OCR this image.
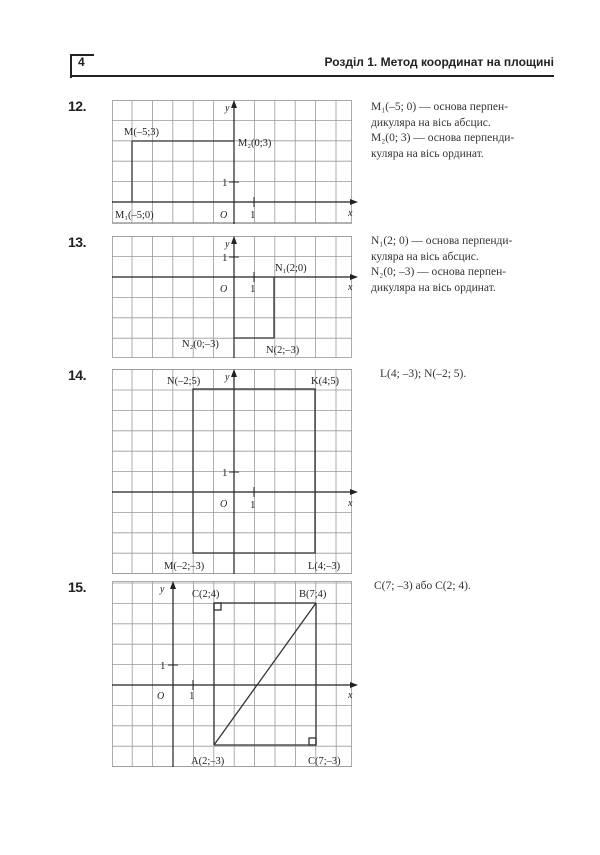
4	Розділ 1. Метод координат на площині
12.	y
x
O 1
1
M(–5;3)
M₂(0;3)
M₁(–5;0)
M₁(–5; 0) — основа перпен-
дикуляра на вісь абсцис.
M₂(0; 3) — основа перпенди-
куляра на вісь ординат.
13.	y
x
O 1
1
N₁(2;0)
N₂(0;–3)
N(2;–3)
N₁(2; 0) — основа перпенди-
куляра на вісь абсцис.
N₂(0; –3) — основа перпен-
дикуляра на вісь ординат.
14.	y
x
O 1
1
N(–2;5)	K(4;5)
M(–2;–3)	L(4;–3)
L(4; –3); N(–2; 5).
15.	y
x
O 1
1
C(2;4)	B(7;4)
A(2;–3)	C(7;–3)
C(7; –3) або C(2; 4).
